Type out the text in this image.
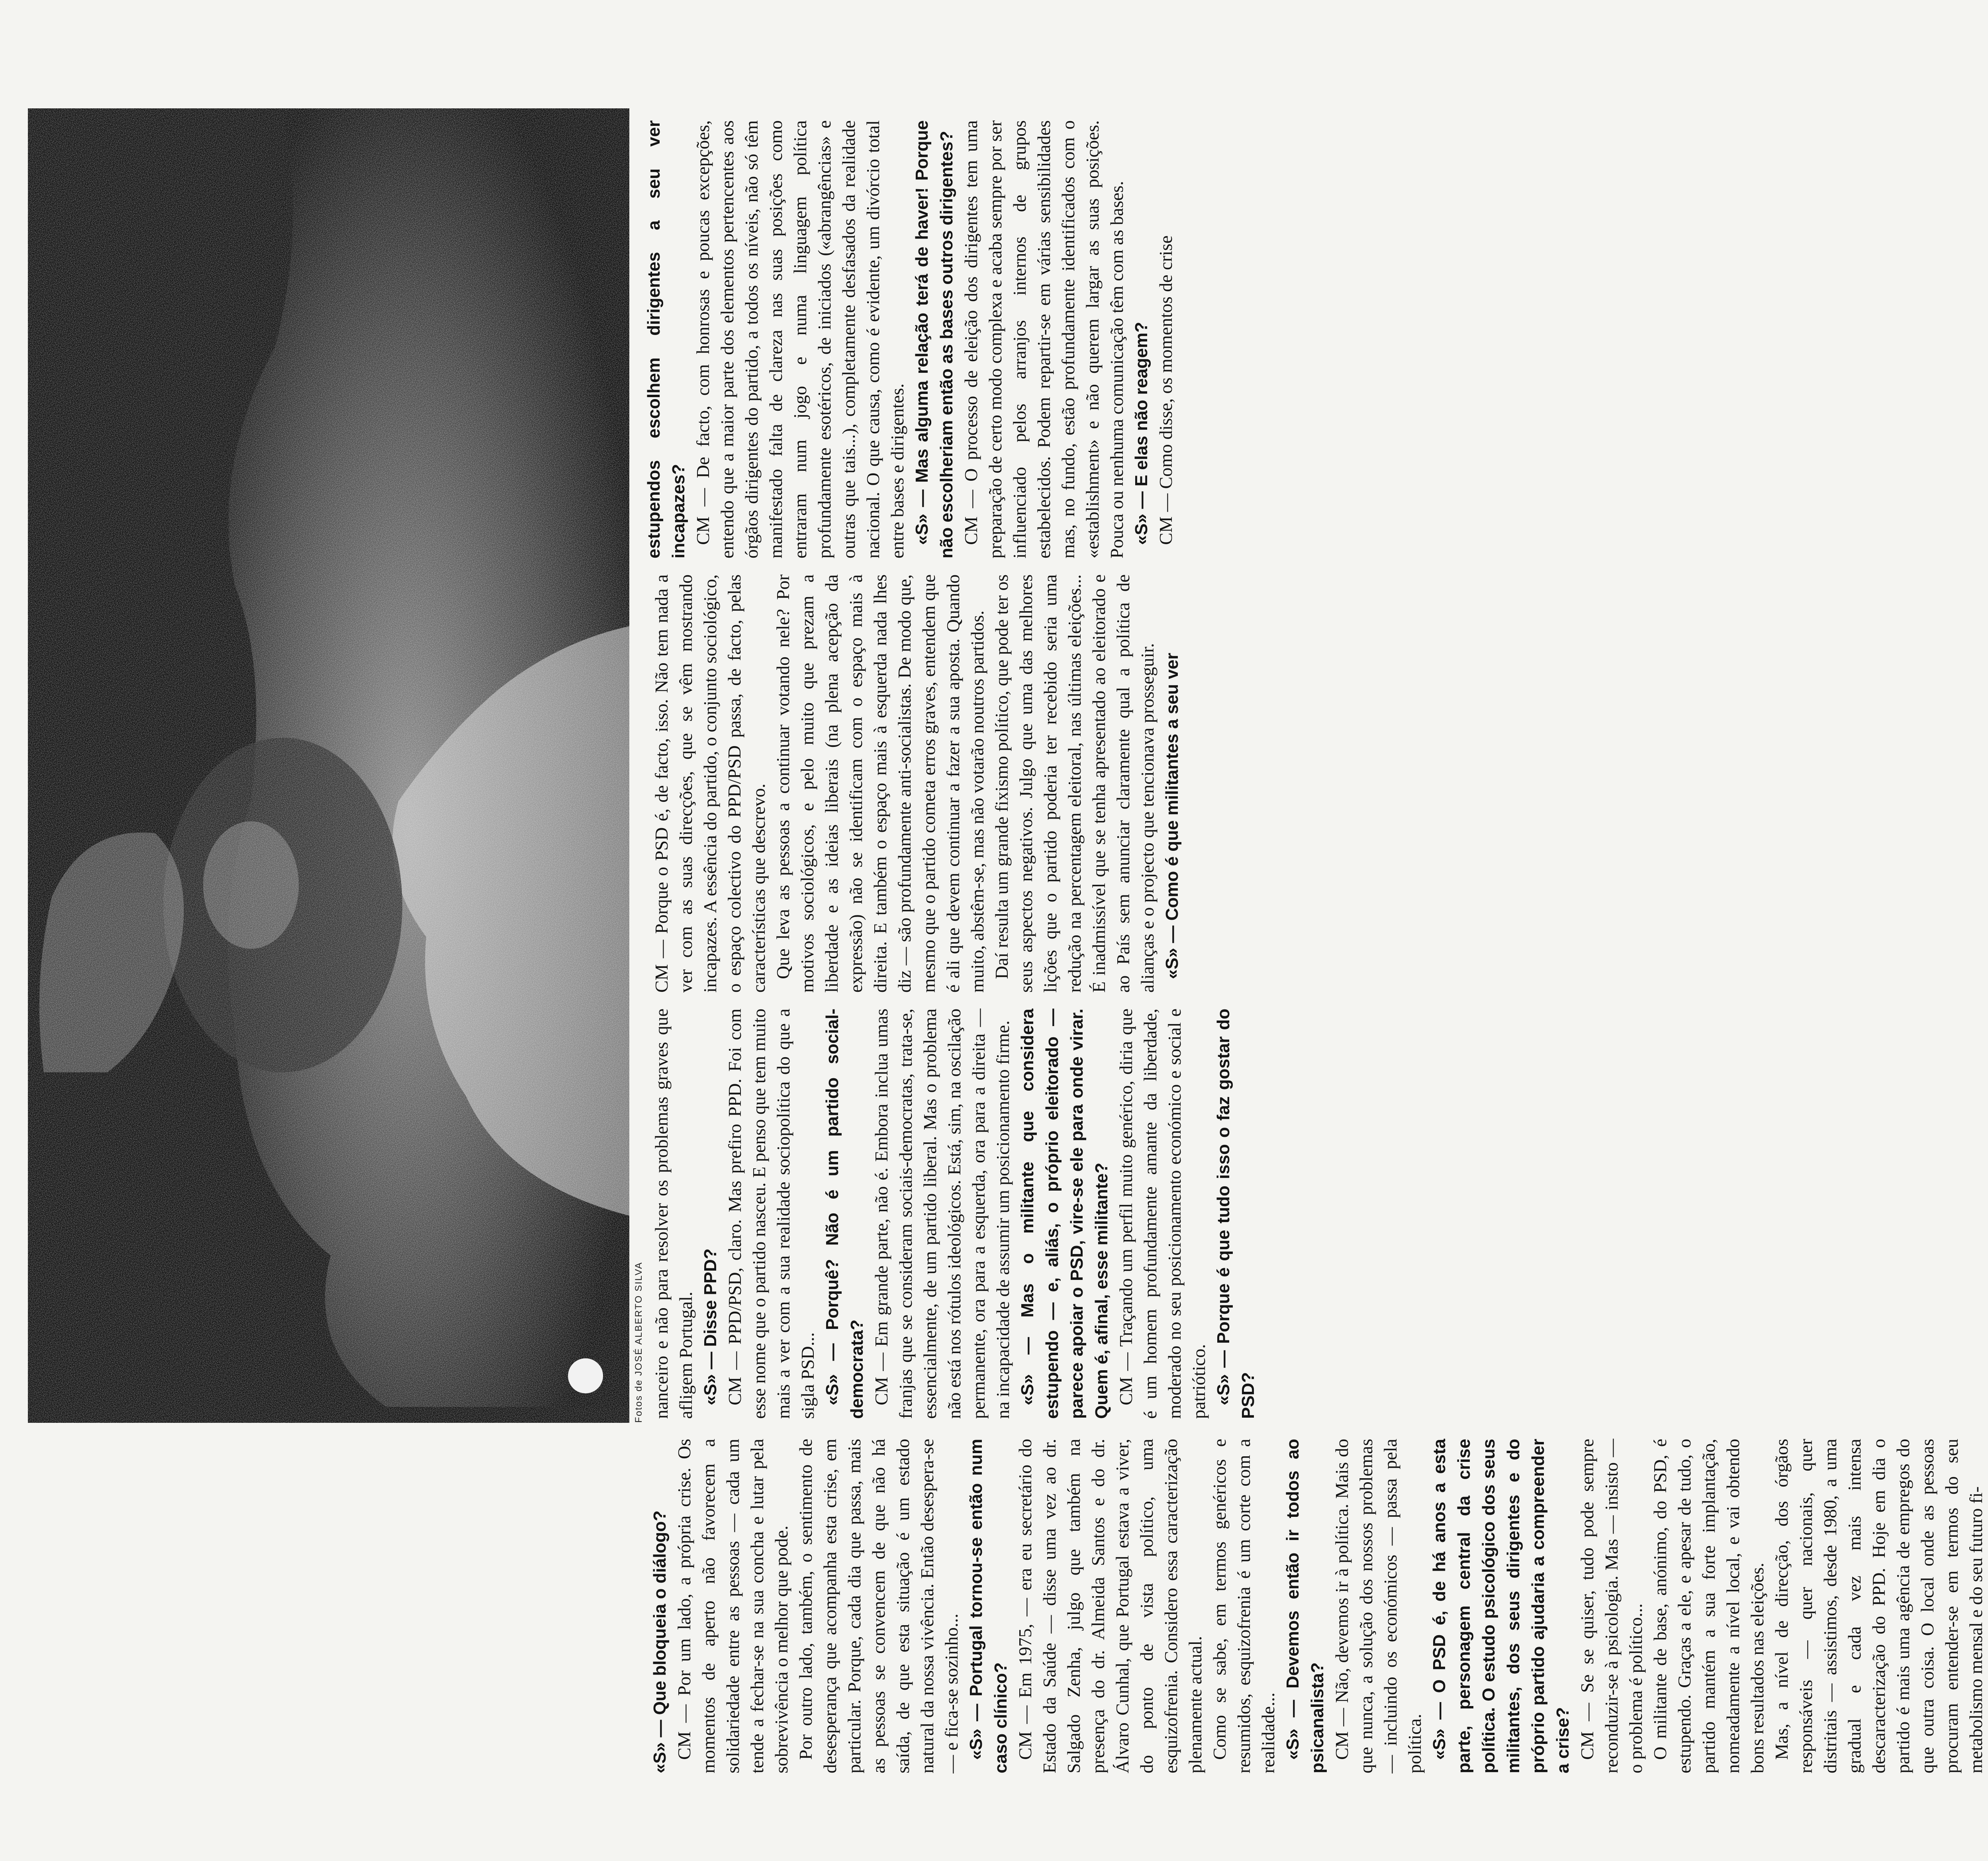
Fotos de JOSÉ ALBERTO SILVA

«S» — Que bloqueia o diálogo? CM — Por um lado, a própria crise. Os momentos de aperto não favorecem a solidariedade entre as pessoas — cada um tende a fechar-se na sua concha e lutar pela sobrevivência o melhor que pode. Por outro lado, também, o sentimento de desesperança que acompanha esta crise, em particular. Porque, cada dia que passa, mais as pessoas se convencem de que não há saída, de que esta situação é um estado natural da nossa vivência. Então desespera-se — e fica-se sozinho... «S» — Portugal tornou-se então num caso clínico? CM — Em 1975, — era eu secretário do Estado da Saúde — disse uma vez ao dr. Salgado Zenha, julgo que também na presença do dr. Almeida Santos e do dr. Álvaro Cunhal, que Portugal estava a viver, do ponto de vista político, uma esquizofrenia. Considero essa caracterização plenamente actual. Como se sabe, em termos genéricos e resumidos, esquizofrenia é um corte com a realidade... «S» — Devemos então ir todos ao psicanalista? CM — Não, devemos ir à política. Mais do que nunca, a solução dos nossos problemas — incluindo os económicos — passa pela política. «S» — O PSD é, de há anos a esta parte, personagem central da crise política. O estudo psicológico dos seus militantes, dos seus dirigentes e do próprio partido ajudaria a compreender a crise? CM — Se se quiser, tudo pode sempre reconduzir-se à psicologia. Mas — insisto — o problema é político... O militante de base, anónimo, do PSD, é estupendo. Graças a ele, e apesar de tudo, o partido mantém a sua forte implantação, nomeadamente a nível local, e vai obtendo bons resultados nas eleições. Mas, a nível de direcção, dos órgãos responsáveis — quer nacionais, quer distritais — assistimos, desde 1980, a uma gradual e cada vez mais intensa descaracterização do PPD. Hoje em dia o partido é mais uma agência de empregos do que outra coisa. O local onde as pessoas procuram entender-se em termos do seu metabolismo mensal e do seu futuro fi-

nanceiro e não para resolver os problemas graves que afligem Portugal. «S» — Disse PPD? CM — PPD/PSD, claro. Mas prefiro PPD. Foi com esse nome que o partido nasceu. E penso que tem muito mais a ver com a sua realidade sociopolítica do que a sigla PSD... «S» — Porquê? Não é um partido social-democrata? CM — Em grande parte, não é. Embora inclua umas franjas que se consideram sociais-democratas, trata-se, essencialmente, de um partido liberal. Mas o problema não está nos rótulos ideológicos. Está, sim, na oscilação permanente, ora para a esquerda, ora para a direita — na incapacidade de assumir um posicionamento firme. «S» — Mas o militante que considera estupendo — e, aliás, o próprio eleitorado — parece apoiar o PSD, vire-se ele para onde virar. Quem é, afinal, esse militante? CM — Traçando um perfil muito genérico, diria que é um homem profundamente amante da liberdade, moderado no seu posicionamento económico e social e patriótico. «S» — Porque é que tudo isso o faz gostar do PSD?

CM — Porque o PSD é, de facto, isso. Não tem nada a ver com as suas direcções, que se vêm mostrando incapazes. A essência do partido, o conjunto sociológico, o espaço colectivo do PPD/PSD passa, de facto, pelas características que descrevo. Que leva as pessoas a continuar votando nele? Por motivos sociológicos, e pelo muito que prezam a liberdade e as ideias liberais (na plena acepção da expressão) não se identificam com o espaço mais à direita. E também o espaço mais à esquerda nada lhes diz — são profundamente anti-socialistas. De modo que, mesmo que o partido cometa erros graves, entendem que é ali que devem continuar a fazer a sua aposta. Quando muito, abstêm-se, mas não votarão noutros partidos. Daí resulta um grande fixismo político, que pode ter os seus aspectos negativos. Julgo que uma das melhores lições que o partido poderia ter recebido seria uma redução na percentagem eleitoral, nas últimas eleições... É inadmissível que se tenha apresentado ao eleitorado e ao País sem anunciar claramente qual a política de alianças e o projecto que tencionava prosseguir. «S» — Como é que militantes a seu ver

estupendos escolhem dirigentes a seu ver incapazes? CM — De facto, com honrosas e poucas excepções, entendo que a maior parte dos elementos pertencentes aos órgãos dirigentes do partido, a todos os níveis, não só têm manifestado falta de clareza nas suas posições como entraram num jogo e numa linguagem política profundamente esotéricos, de iniciados («abrangências» e outras que tais...), completamente desfasados da realidade nacional. O que causa, como é evidente, um divórcio total entre bases e dirigentes. «S» — Mas alguma relação terá de haver! Porque não escolheriam então as bases outros dirigentes? CM — O processo de eleição dos dirigentes tem uma preparação de certo modo complexa e acaba sempre por ser influenciado pelos arranjos internos de grupos estabelecidos. Podem repartir-se em várias sensibilidades mas, no fundo, estão profundamente identificados com o «establishment» e não querem largar as suas posições. Pouca ou nenhuma comunicação têm com as bases. «S» — E elas não reagem? CM — Como disse, os momentos de crise
